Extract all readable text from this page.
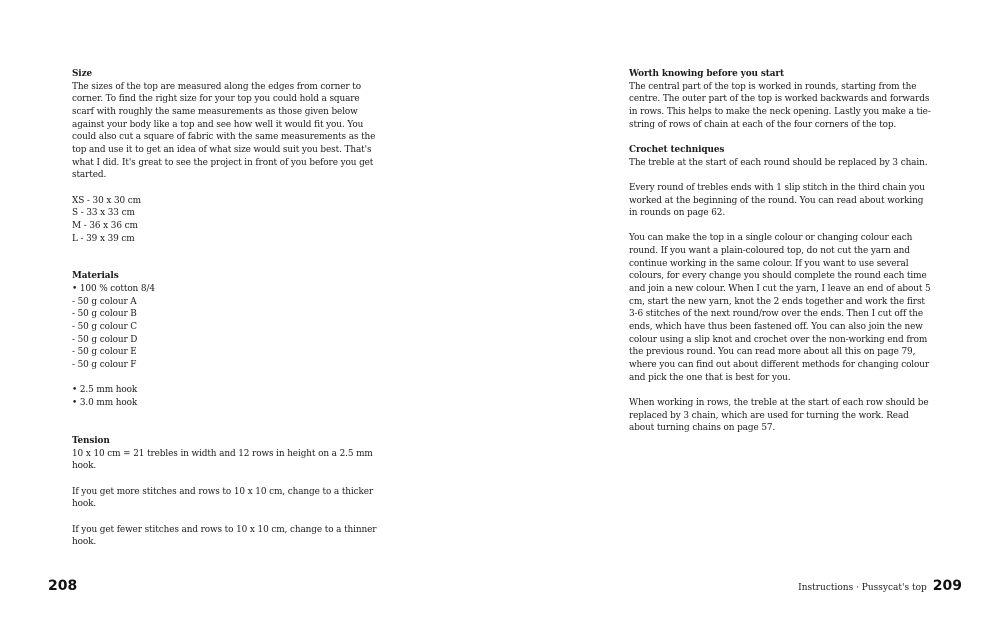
Size

The sizes of the top are measured along the edges from corner to corner. To find the right size for your top you could hold a square scarf with roughly the same measurements as those given below against your body like a top and see how well it would fit you. You could also cut a square of fabric with the same measurements as the top and use it to get an idea of what size would suit you best. That's what I did. It's great to see the project in front of you before you get started.

XS - 30 x 30 cm
S - 33 x 33 cm
M - 36 x 36 cm
L - 39 x 39 cm
Materials
• 100 % cotton 8/4
- 50 g colour A
- 50 g colour B
- 50 g colour C
- 50 g colour D
- 50 g colour E
- 50 g colour F
• 2.5 mm hook
• 3.0 mm hook
Tension

10 x 10 cm = 21 trebles in width and 12 rows in height on a 2.5 mm hook.

If you get more stitches and rows to 10 x 10 cm, change to a thicker hook.

If you get fewer stitches and rows to 10 x 10 cm, change to a thinner hook.

208
Worth knowing before you start

The central part of the top is worked in rounds, starting from the centre. The outer part of the top is worked backwards and forwards in rows. This helps to make the neck opening. Lastly you make a tie-string of rows of chain at each of the four corners of the top.

Crochet techniques

The treble at the start of each round should be replaced by 3 chain.

Every round of trebles ends with 1 slip stitch in the third chain you worked at the beginning of the round. You can read about working in rounds on page 62.

You can make the top in a single colour or changing colour each round. If you want a plain-coloured top, do not cut the yarn and continue working in the same colour. If you want to use several colours, for every change you should complete the round each time and join a new colour. When I cut the yarn, I leave an end of about 5 cm, start the new yarn, knot the 2 ends together and work the first 3-6 stitches of the next round/row over the ends. Then I cut off the ends, which have thus been fastened off. You can also join the new colour using a slip knot and crochet over the non-working end from the previous round. You can read more about all this on page 79, where you can find out about different methods for changing colour and pick the one that is best for you.

When working in rows, the treble at the start of each row should be replaced by 3 chain, which are used for turning the work. Read about turning chains on page 57.

Instructions · Pussycat's top 209
